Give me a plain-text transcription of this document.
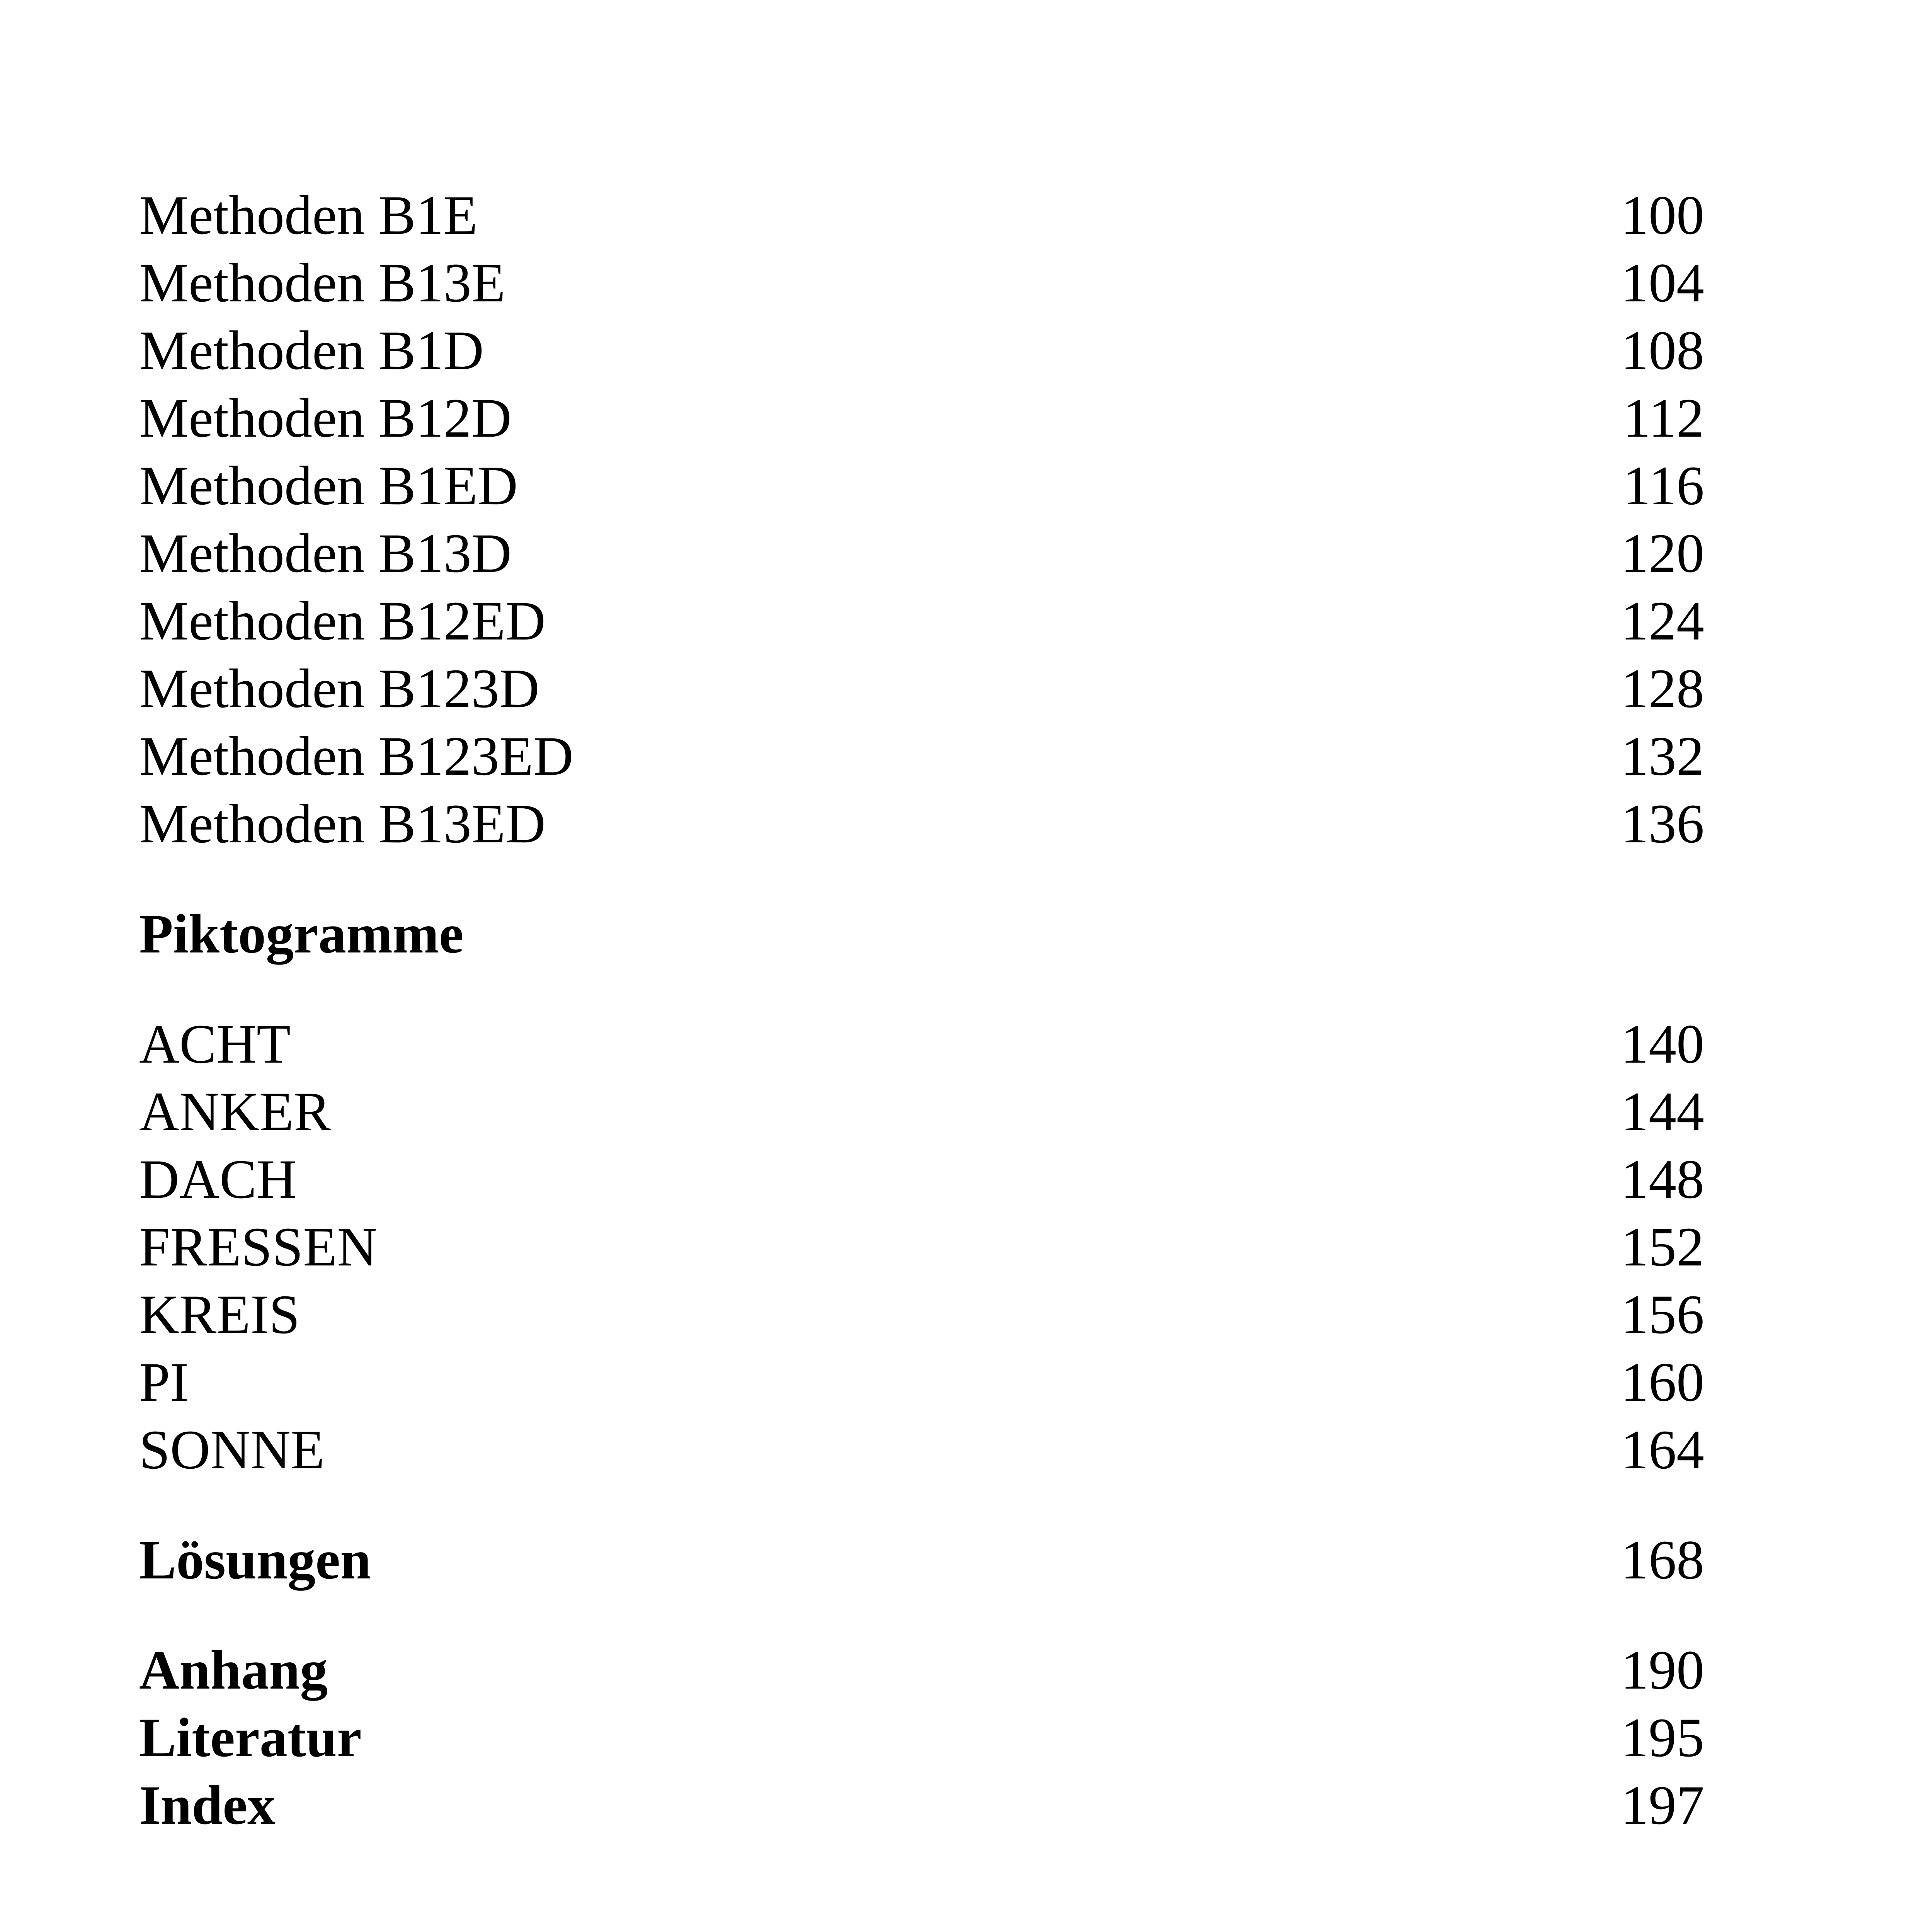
Methoden B1E	100
Methoden B13E	104
Methoden B1D	108
Methoden B12D	112
Methoden B1ED	116
Methoden B13D	120
Methoden B12ED	124
Methoden B123D	128
Methoden B123ED	132
Methoden B13ED	136
Piktogramme
ACHT	140
ANKER	144
DACH	148
FRESSEN	152
KREIS	156
PI	160
SONNE	164
Lösungen	168
Anhang	190
Literatur	195
Index	197
